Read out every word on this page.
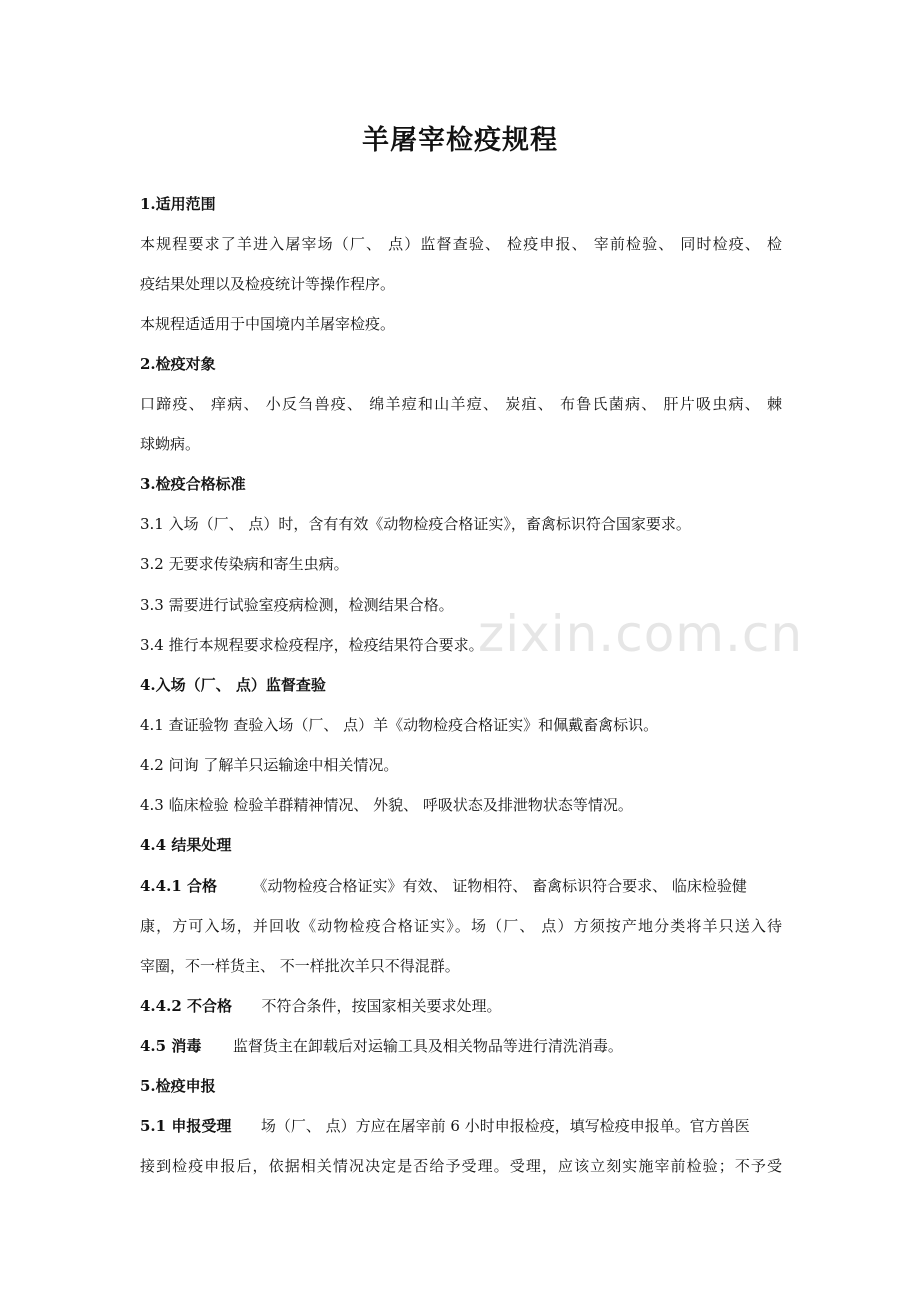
羊屠宰检疫规程
1.适用范围
本规程要求了羊进入屠宰场（厂、 点）监督查验、 检疫申报、 宰前检验、 同时检疫、 检
疫结果处理以及检疫统计等操作程序。
本规程适适用于中国境内羊屠宰检疫。
2.检疫对象
口蹄疫、 痒病、 小反刍兽疫、 绵羊痘和山羊痘、 炭疽、 布鲁氏菌病、 肝片吸虫病、 棘
球蚴病。
3.检疫合格标准
3.1 入场（厂、 点）时，含有有效《动物检疫合格证实》，畜禽标识符合国家要求。
3.2 无要求传染病和寄生虫病。
3.3 需要进行试验室疫病检测，检测结果合格。
3.4 推行本规程要求检疫程序，检疫结果符合要求。
4.入场（厂、 点）监督查验
4.1 查证验物 查验入场（厂、 点）羊《动物检疫合格证实》和佩戴畜禽标识。
4.2 问询 了解羊只运输途中相关情况。
4.3 临床检验 检验羊群精神情况、 外貌、 呼吸状态及排泄物状态等情况。
4.4 结果处理
4.4.1 合格 《动物检疫合格证实》有效、 证物相符、 畜禽标识符合要求、 临床检验健
康，方可入场，并回收《动物检疫合格证实》。场（厂、 点）方须按产地分类将羊只送入待
宰圈，不一样货主、 不一样批次羊只不得混群。
4.4.2 不合格 不符合条件，按国家相关要求处理。
4.5 消毒 监督货主在卸载后对运输工具及相关物品等进行清洗消毒。
5.检疫申报
5.1 申报受理 场（厂、 点）方应在屠宰前 6 小时申报检疫，填写检疫申报单。官方兽医
接到检疫申报后，依据相关情况决定是否给予受理。受理，应该立刻实施宰前检验；不予受
zixin.com.cn
